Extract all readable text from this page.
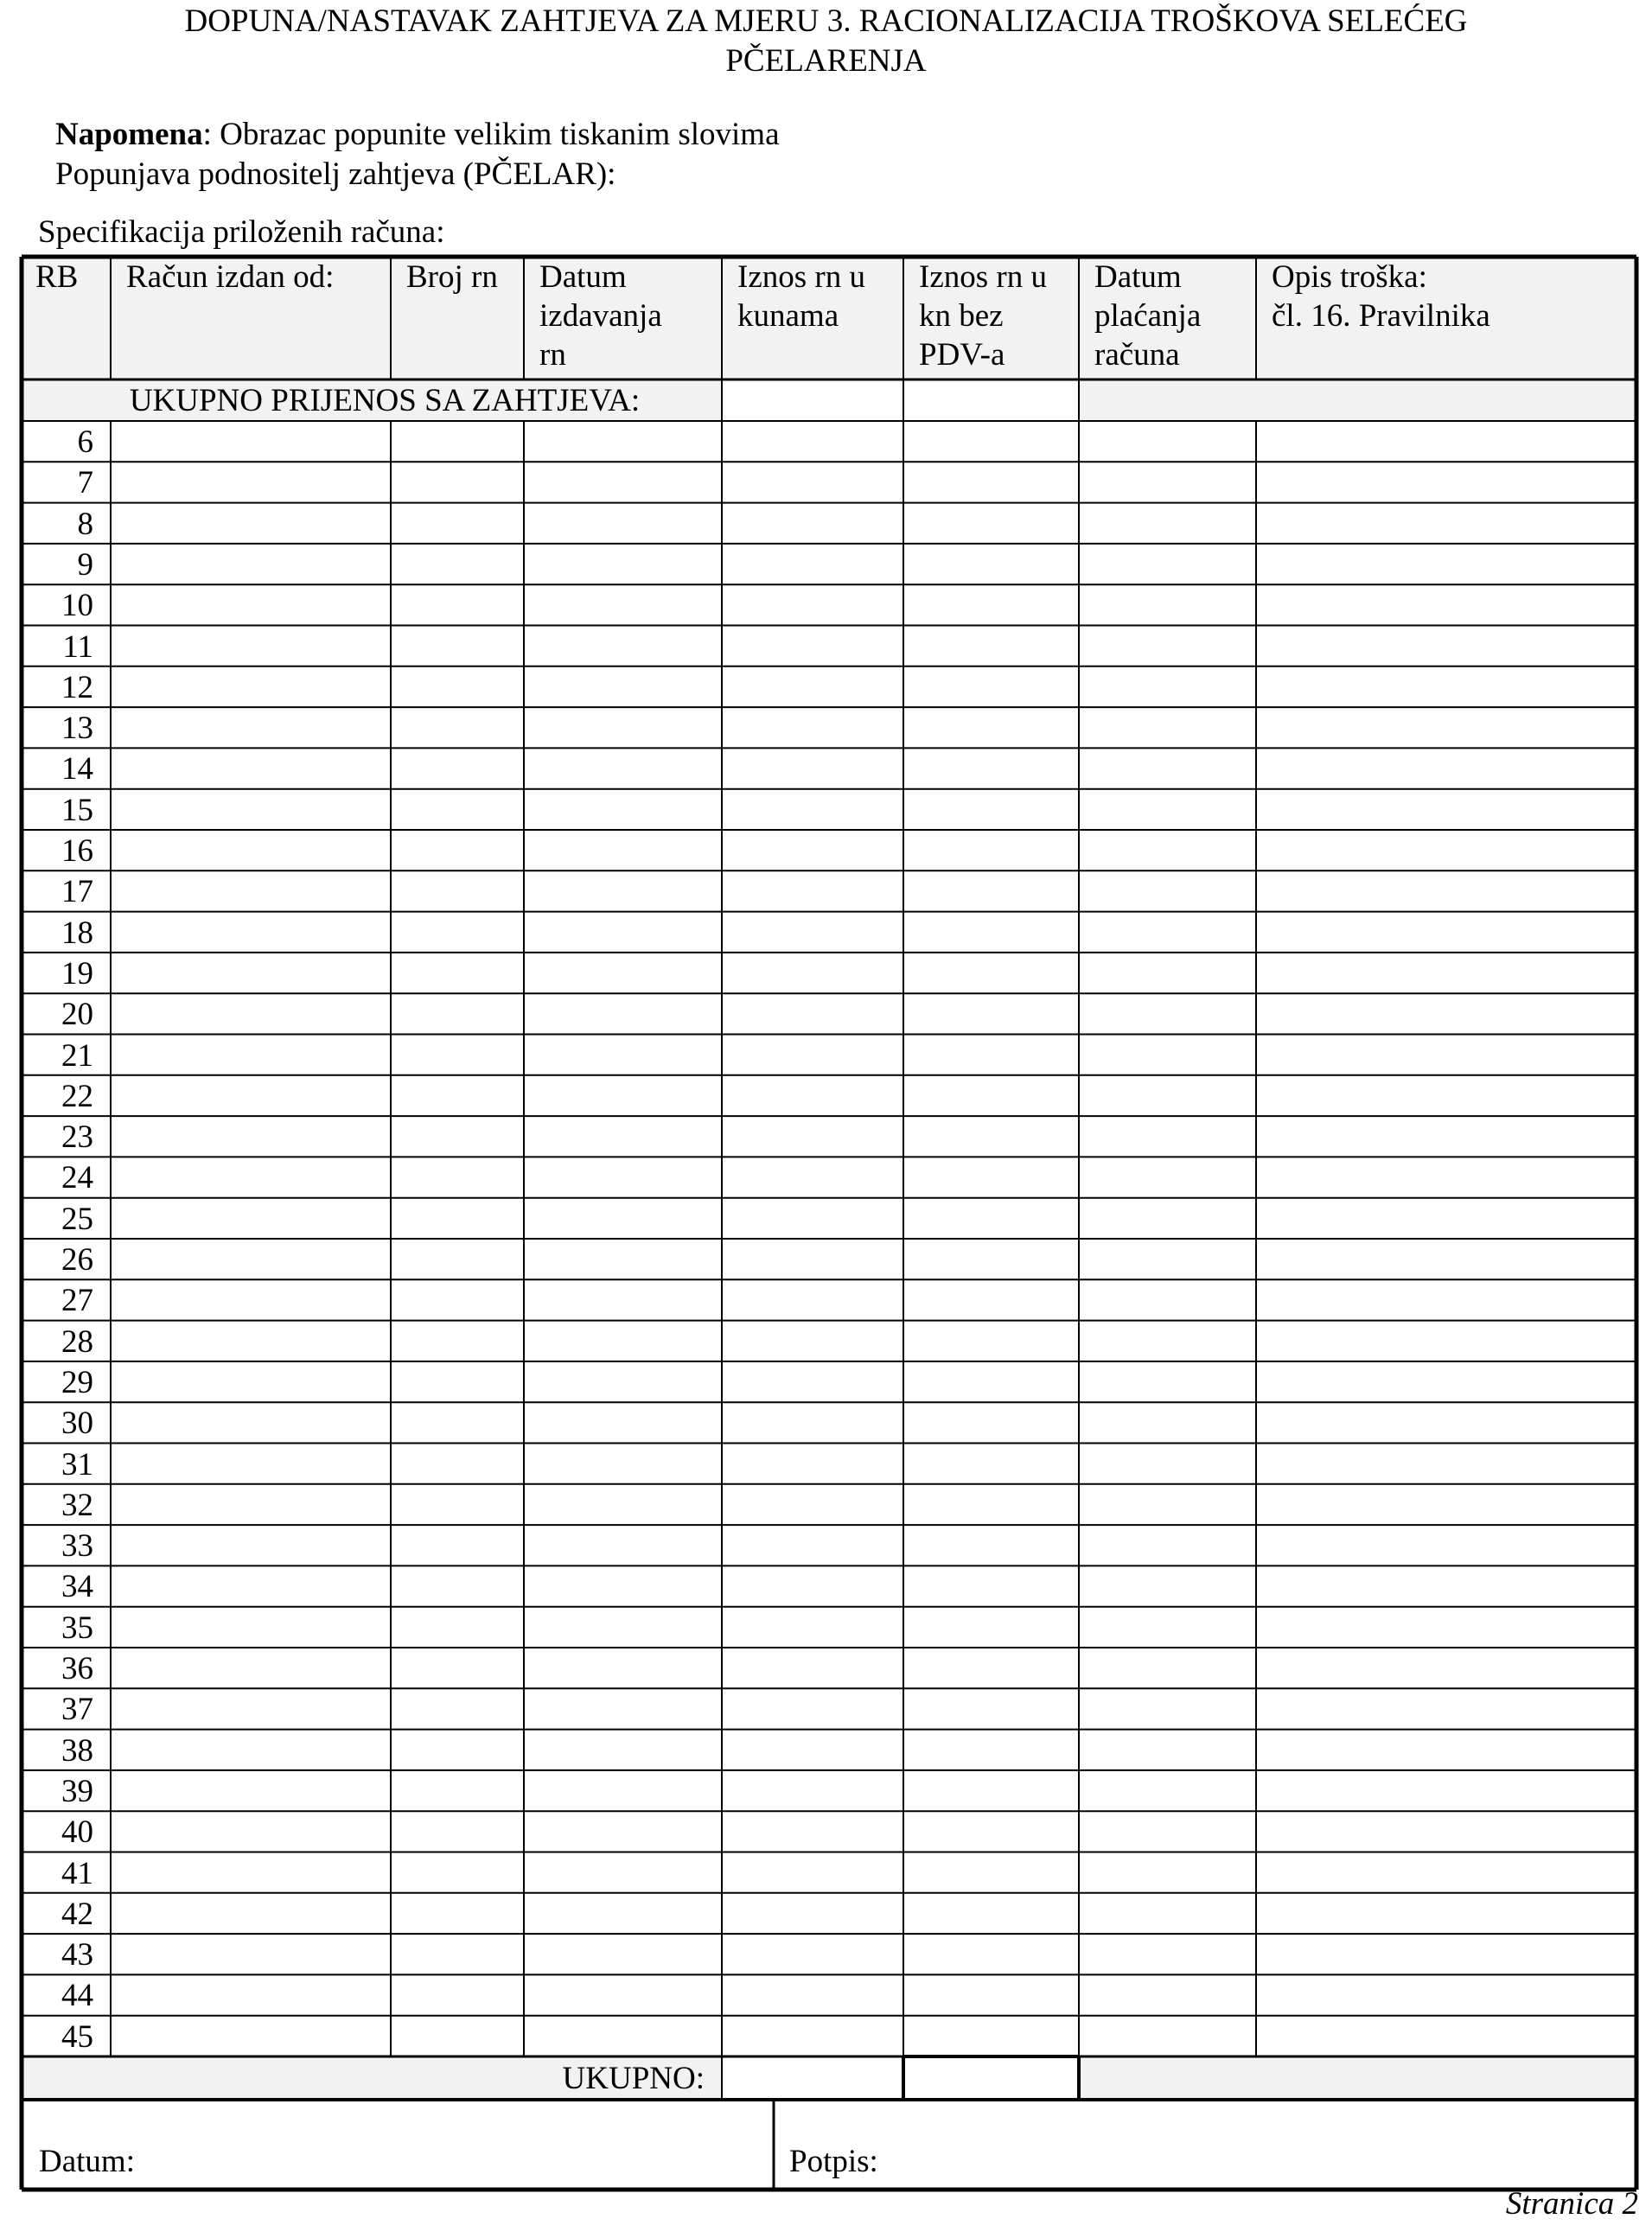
DOPUNA/NASTAVAK ZAHTJEVA ZA MJERU 3. RACIONALIZACIJA TROŠKOVA SELEĆEG
PČELARENJA
Napomena: Obrazac popunite velikim tiskanim slovima
Popunjava podnositelj zahtjeva (PČELAR):
Specifikacija priloženih računa:
RB Račun izdan od: Broj rn Datum
izdavanja
rn
Iznos rn u
kunama
Iznos rn u
kn bez
PDV-a
Datum
plaćanja
računa
Opis troška:
čl. 16. Pravilnika
UKUPNO PRIJENOS SA ZAHTJEVA:
6
7
8
9
10
11
12
13
14
15
16
17
18
19
20
21
22
23
24
25
26
27
28
29
30
31
32
33
34
35
36
37
38
39
40
41
42
43
44
45
UKUPNO:
Datum:	Potpis:
Stranica 2
